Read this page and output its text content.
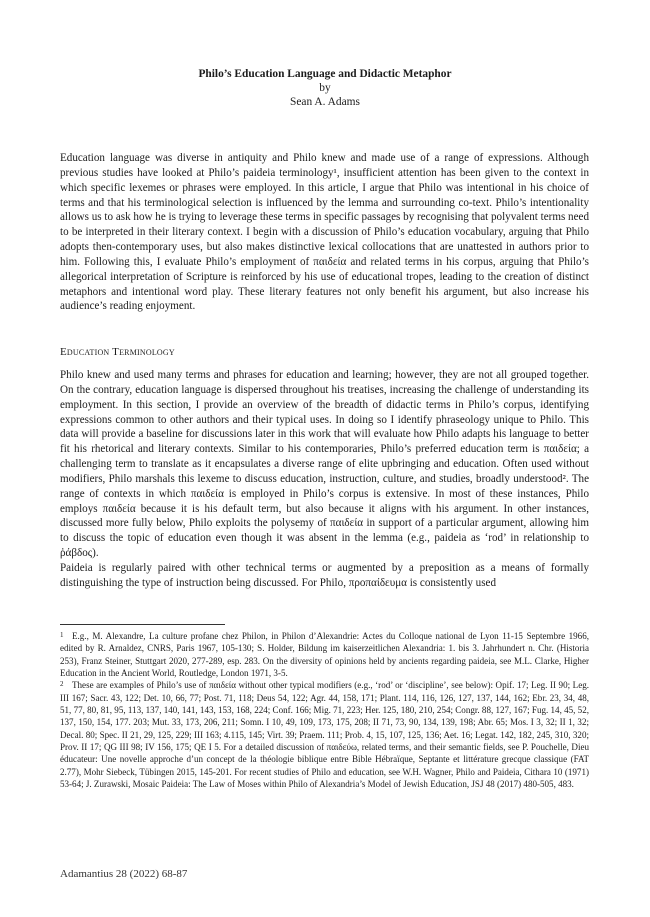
Philo’s Education Language and Didactic Metaphor
by
Sean A. Adams

Education language was diverse in antiquity and Philo knew and made use of a range of expressions. Although previous studies have looked at Philo’s paideia terminology¹, insufficient attention has been given to the context in which specific lexemes or phrases were employed. In this article, I argue that Philo was intentional in his choice of terms and that his terminological selection is influenced by the lemma and surrounding co-text. Philo’s intentionality allows us to ask how he is trying to leverage these terms in specific passages by recognising that polyvalent terms need to be interpreted in their literary context. I begin with a discussion of Philo’s education vocabulary, arguing that Philo adopts then-contemporary uses, but also makes distinctive lexical collocations that are unattested in authors prior to him. Following this, I evaluate Philo’s employment of παιδεία and related terms in his corpus, arguing that Philo’s allegorical interpretation of Scripture is reinforced by his use of educational tropes, leading to the creation of distinct metaphors and intentional word play. These literary features not only benefit his argument, but also increase his audience’s reading enjoyment.

Education Terminology

Philo knew and used many terms and phrases for education and learning; however, they are not all grouped together. On the contrary, education language is dispersed throughout his treatises, increasing the challenge of understanding its employment. In this section, I provide an overview of the breadth of didactic terms in Philo’s corpus, identifying expressions common to other authors and their typical uses. In doing so I identify phraseology unique to Philo. This data will provide a baseline for discussions later in this work that will evaluate how Philo adapts his language to better fit his rhetorical and literary contexts. Similar to his contemporaries, Philo’s preferred education term is παιδεία; a challenging term to translate as it encapsulates a diverse range of elite upbringing and education. Often used without modifiers, Philo marshals this lexeme to discuss education, instruction, culture, and studies, broadly understood². The range of contexts in which παιδεία is employed in Philo’s corpus is extensive. In most of these instances, Philo employs παιδεία because it is his default term, but also because it aligns with his argument. In other instances, discussed more fully below, Philo exploits the polysemy of παιδεία in support of a particular argument, allowing him to discuss the topic of education even though it was absent in the lemma (e.g., paideia as ‘rod’ in relationship to ῥάβδος).

Paideia is regularly paired with other technical terms or augmented by a preposition as a means of formally distinguishing the type of instruction being discussed. For Philo, προπαίδευμα is consistently used

1 E.g., M. Alexandre, La culture profane chez Philon, in Philon d’Alexandrie: Actes du Colloque national de Lyon 11-15 Septembre 1966, edited by R. Arnaldez, CNRS, Paris 1967, 105-130; S. Holder, Bildung im kaiserzeitlichen Alexandria: 1. bis 3. Jahrhundert n. Chr. (Historia 253), Franz Steiner, Stuttgart 2020, 277-289, esp. 283. On the diversity of opinions held by ancients regarding paideia, see M.L. Clarke, Higher Education in the Ancient World, Routledge, London 1971, 3-5.

2 These are examples of Philo’s use of παιδεία without other typical modifiers (e.g., ‘rod’ or ‘discipline’, see below): Opif. 17; Leg. II 90; Leg. III 167; Sacr. 43, 122; Det. 10, 66, 77; Post. 71, 118; Deus 54, 122; Agr. 44, 158, 171; Plant. 114, 116, 126, 127, 137, 144, 162; Ebr. 23, 34, 48, 51, 77, 80, 81, 95, 113, 137, 140, 141, 143, 153, 168, 224; Conf. 166; Mig. 71, 223; Her. 125, 180, 210, 254; Congr. 88, 127, 167; Fug. 14, 45, 52, 137, 150, 154, 177. 203; Mut. 33, 173, 206, 211; Somn. I 10, 49, 109, 173, 175, 208; II 71, 73, 90, 134, 139, 198; Abr. 65; Mos. I 3, 32; II 1, 32; Decal. 80; Spec. II 21, 29, 125, 229; III 163; 4.115, 145; Virt. 39; Praem. 111; Prob. 4, 15, 107, 125, 136; Aet. 16; Legat. 142, 182, 245, 310, 320; Prov. II 17; QG III 98; IV 156, 175; QE I 5. For a detailed discussion of παιδεύω, related terms, and their semantic fields, see P. Pouchelle, Dieu éducateur: Une novelle approche d’un concept de la théologie biblique entre Bible Hébraïque, Septante et littérature grecque classique (FAT 2.77), Mohr Siebeck, Tübingen 2015, 145-201. For recent studies of Philo and education, see W.H. Wagner, Philo and Paideia, Cithara 10 (1971) 53-64; J. Zurawski, Mosaic Paideia: The Law of Moses within Philo of Alexandria’s Model of Jewish Education, JSJ 48 (2017) 480-505, 483.

Adamantius 28 (2022) 68-87
